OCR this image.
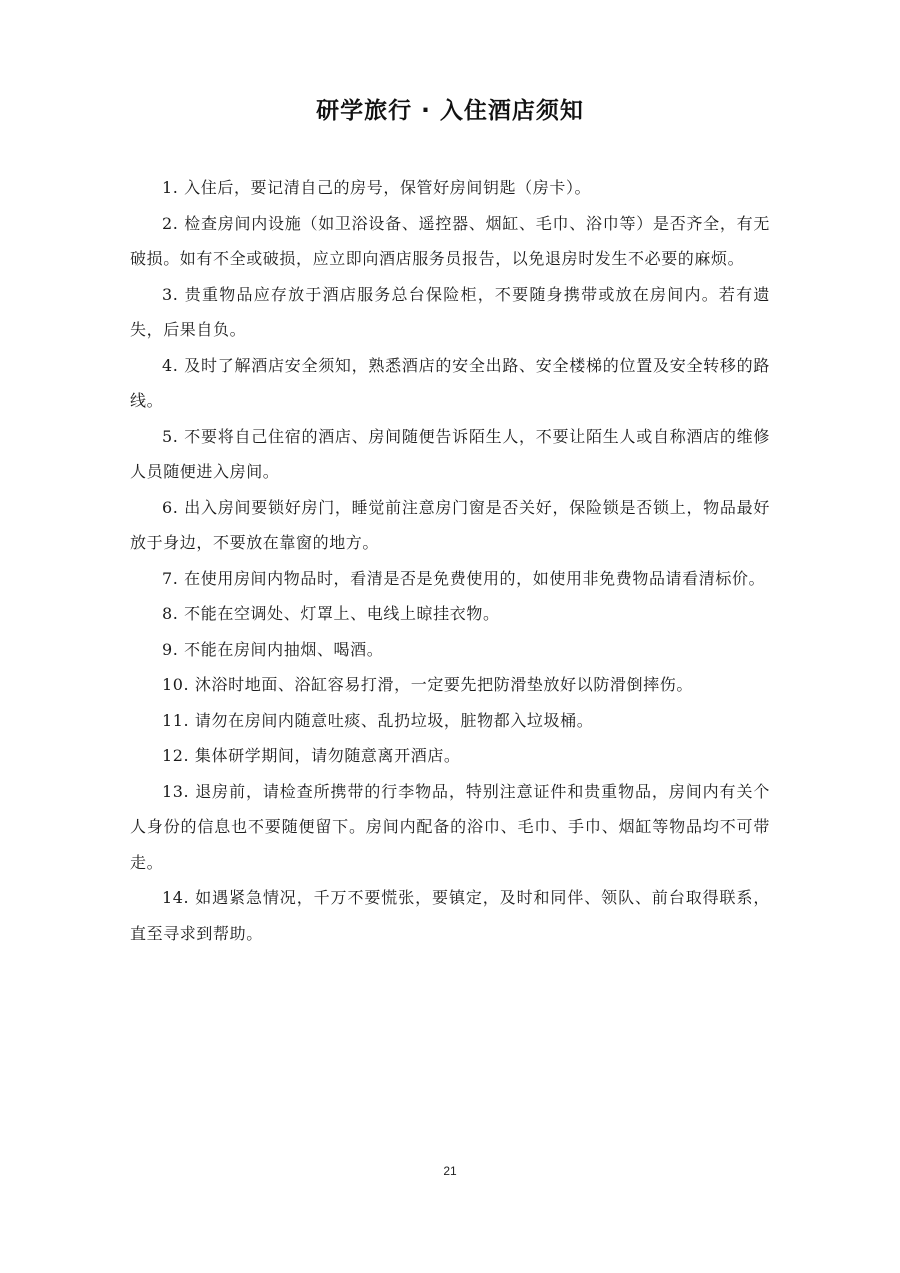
研学旅行 · 入住酒店须知

1. 入住后，要记清自己的房号，保管好房间钥匙（房卡）。

2. 检查房间内设施（如卫浴设备、遥控器、烟缸、毛巾、浴巾等）是否齐全，有无破损。如有不全或破损，应立即向酒店服务员报告，以免退房时发生不必要的麻烦。

3. 贵重物品应存放于酒店服务总台保险柜，不要随身携带或放在房间内。若有遗失，后果自负。

4. 及时了解酒店安全须知，熟悉酒店的安全出路、安全楼梯的位置及安全转移的路线。

5. 不要将自己住宿的酒店、房间随便告诉陌生人，不要让陌生人或自称酒店的维修人员随便进入房间。

6. 出入房间要锁好房门，睡觉前注意房门窗是否关好，保险锁是否锁上，物品最好放于身边，不要放在靠窗的地方。

7. 在使用房间内物品时，看清是否是免费使用的，如使用非免费物品请看清标价。

8. 不能在空调处、灯罩上、电线上晾挂衣物。

9. 不能在房间内抽烟、喝酒。

10. 沐浴时地面、浴缸容易打滑，一定要先把防滑垫放好以防滑倒摔伤。

11. 请勿在房间内随意吐痰、乱扔垃圾，脏物都入垃圾桶。

12. 集体研学期间，请勿随意离开酒店。

13. 退房前，请检查所携带的行李物品，特别注意证件和贵重物品，房间内有关个人身份的信息也不要随便留下。房间内配备的浴巾、毛巾、手巾、烟缸等物品均不可带走。

14. 如遇紧急情况，千万不要慌张，要镇定，及时和同伴、领队、前台取得联系，直至寻求到帮助。

21
